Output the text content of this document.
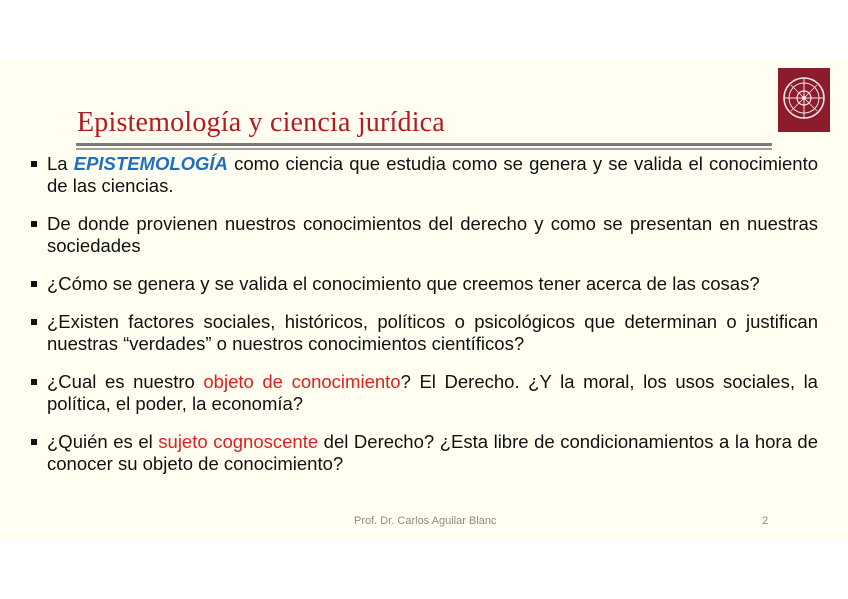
Epistemología y ciencia jurídica
La EPISTEMOLOGÍA como ciencia que estudia como se genera y se valida el conocimiento de las ciencias.
De donde provienen nuestros conocimientos del derecho y como se presentan en nuestras sociedades
¿Cómo se genera y se valida el conocimiento que creemos tener acerca de las cosas?
¿Existen factores sociales, históricos, políticos o psicológicos que determinan o justifican nuestras “verdades” o nuestros conocimientos científicos?
¿Cual es nuestro objeto de conocimiento? El Derecho. ¿Y la moral, los usos sociales, la política, el poder, la economía?
¿Quién es el sujeto cognoscente del Derecho? ¿Esta libre de condicionamientos a la hora de conocer su objeto de conocimiento?
Prof. Dr. Carlos Aguilar Blanc	2
